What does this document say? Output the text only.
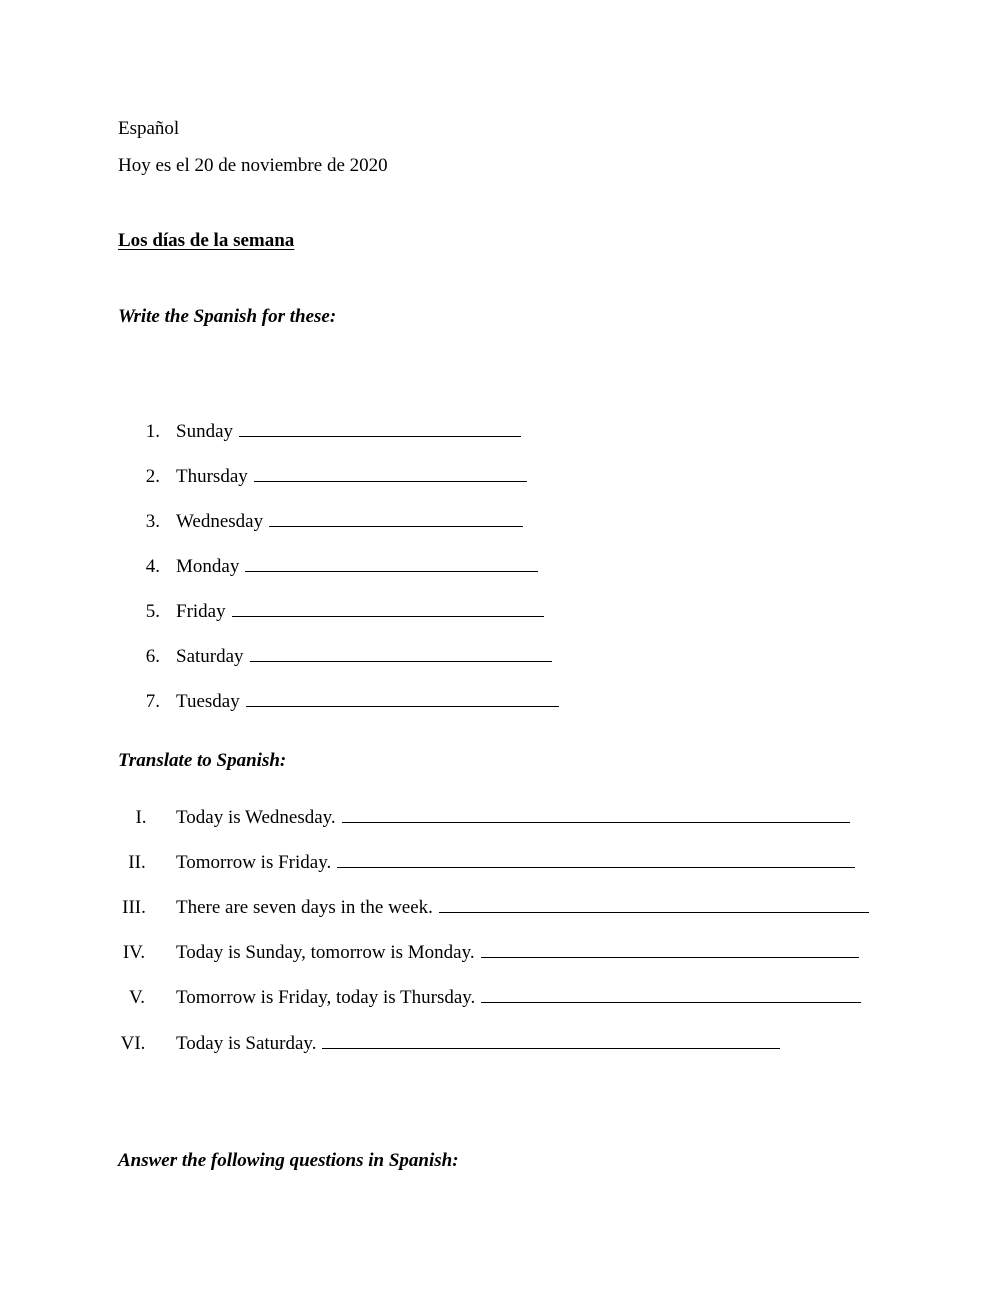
Español
Hoy es el 20 de noviembre de 2020
Los días de la semana
Write the Spanish for these:
1. Sunday
2. Thursday
3. Wednesday
4. Monday
5. Friday
6. Saturday
7. Tuesday
Translate to Spanish:
I.	Today is Wednesday.
II.	Tomorrow is Friday.
III. There are seven days in the week.
IV. Today is Sunday, tomorrow is Monday.
V.	Tomorrow is Friday, today is Thursday.
VI. Today is Saturday.
Answer the following questions in Spanish:
